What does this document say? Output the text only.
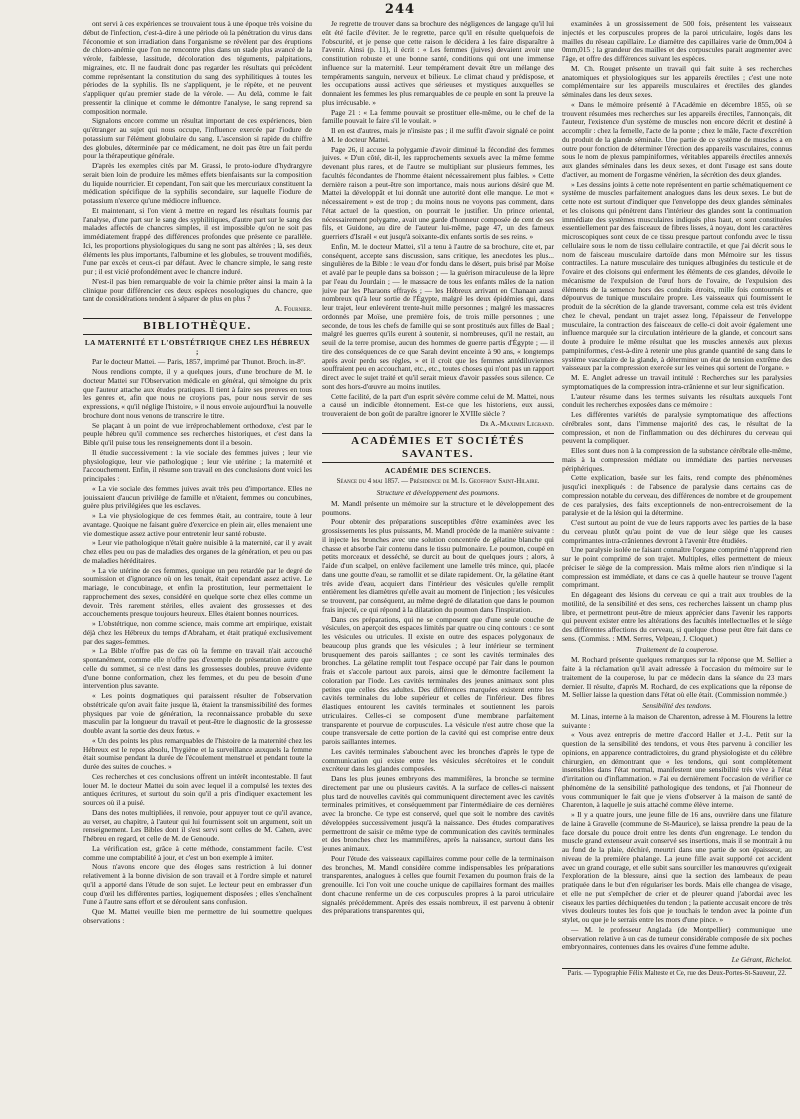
244

ont servi à ces expériences se trouvaient tous à une époque très voisine du début de l'infection, c'est-à-dire à une période où la pénétration du virus dans l'économie et son irradiation dans l'organisme se révèlent par des éruptions de chloro-anémie que l'on ne rencontre plus dans un stade plus avancé de la vérole, faiblesse, lassitude, décoloration des téguments, palpitations, migraines, etc. Il ne faudrait donc pas regarder les résultats qui précèdent comme représentant la constitution du sang des syphilitiques à toutes les périodes de la syphilis. Ils ne s'appliquent, je le répète, et ne peuvent s'appliquer qu'au premier stade de la vérole. — Au delà, comme le fait pressentir la clinique et comme le démontre l'analyse, le sang reprend sa composition normale.

Signalons encore comme un résultat important de ces expériences, bien qu'étranger au sujet qui nous occupe, l'influence exercée par l'iodure de potassium sur l'élément globulaire du sang. L'ascension si rapide du chiffre des globules, déterminée par ce médicament, ne doit pas être un fait perdu pour la thérapeutique générale.

D'après les exemples cités par M. Grassi, le proto-iodure d'hydrargyre serait bien loin de produire les mêmes effets bienfaisants sur la composition du liquide nourricier. Et cependant, l'on sait que les mercuriaux constituent la médication spécifique de la syphilis secondaire, sur laquelle l'iodure de potassium n'exerce qu'une médiocre influence.

Et maintenant, si l'on vient à mettre en regard les résultats fournis par l'analyse, d'une part sur le sang des syphilitiques, d'autre part sur le sang des malades affectés de chancres simples, il est impossible qu'on ne soit pas immédiatement frappé des différences profondes que présente ce parallèle. Ici, les proportions physiologiques du sang ne sont pas altérées ; là, ses deux éléments les plus importants, l'albumine et les globules, se trouvent modifiés, l'une par excès et ceux-ci par défaut. Avec le chancre simple, le sang reste pur ; il est vicié profondément avec le chancre induré.

N'est-il pas bien remarquable de voir la chimie prêter ainsi la main à la clinique pour différencier ces deux espèces nosologiques du chancre, que tant de considérations tendent à séparer de plus en plus ?

A. Fournier.
BIBLIOTHÈQUE.
LA MATERNITÉ ET L'OBSTÉTRIQUE CHEZ LES HÉBREUX ;

Par le docteur Mattei. — Paris, 1857, imprimé par Thunot. Broch. in-8°.

Nous rendions compte, il y a quelques jours, d'une brochure de M. le docteur Mattei sur l'Observation médicale en général, qui témoigne du prix que l'auteur attache aux études pratiques. Il tient à faire ses preuves en tous les genres et, afin que nous ne croyions pas, pour nous servir de ses expressions, « qu'il néglige l'histoire, » il nous envoie aujourd'hui la nouvelle brochure dont nous venons de transcrire le titre.

Se plaçant à un point de vue irréprochablement orthodoxe, c'est par le peuple hébreu qu'il commence ses recherches historiques, et c'est dans la Bible qu'il puise tous les renseignements dont il a besoin.

Il étudie successivement : la vie sociale des femmes juives ; leur vie physiologique, leur vie pathologique ; leur vie utérine ; la maternité et l'accouchement. Enfin, il résume son travail en des conclusions dont voici les principales :

« La vie sociale des femmes juives avait très peu d'importance. Elles ne jouissaient d'aucun privilège de famille et n'étaient, femmes ou concubines, guère plus privilégiées que les esclaves.

» La vie physiologique de ces femmes était, au contraire, toute à leur avantage. Quoique ne faisant guère d'exercice en plein air, elles menaient une vie domestique assez active pour entretenir leur santé robuste.

» Leur vie pathologique n'était guère nuisible à la maternité, car il y avait chez elles peu ou pas de maladies des organes de la génération, et peu ou pas de maladies héréditaires.

» La vie utérine de ces femmes, quoique un peu retardée par le degré de soumission et d'ignorance où on les tenait, était cependant assez active. Le mariage, le concubinage, et enfin la prostitution, leur permettaient le rapprochement des sexes, considéré en quelque sorte chez elles comme un devoir. Très rarement stériles, elles avaient des grossesses et des accouchements presque toujours heureux. Elles étaient bonnes nourrices.

» L'obstétrique, non comme science, mais comme art empirique, existait déjà chez les Hébreux du temps d'Abraham, et était pratiqué exclusivement par des sages-femmes.

» La Bible n'offre pas de cas où la femme en travail n'ait accouché spontanément, comme elle n'offre pas d'exemple de présentation autre que celle du sommet, si ce n'est dans les grossesses doubles, preuve évidente d'une bonne conformation, chez les femmes, et du peu de besoin d'une intervention plus savante.

« Les points dogmatiques qui paraissent résulter de l'observation obstétricale qu'on avait faite jusque là, étaient la transmissibilité des formes physiques par voie de génération, la reconnaissance probable du sexe masculin par la longueur du travail et peut-être le diagnostic de la grossesse double avant la sortie des deux fœtus. »

« Un des points les plus remarquables de l'histoire de la maternité chez les Hébreux est le repos absolu, l'hygiène et la surveillance auxquels la femme était soumise pendant la durée de l'écoulement menstruel et pendant toute la durée des suites de couches. »

Ces recherches et ces conclusions offrent un intérêt incontestable. Il faut louer M. le docteur Mattei du soin avec lequel il a compulsé les textes des antiques écritures, et surtout du soin qu'il a pris d'indiquer exactement les sources où il a puisé.

Dans des notes multipliées, il renvoie, pour appuyer tout ce qu'il avance, au verset, au chapitre, à l'auteur qui lui fournissent soit un argument, soit un renseignement. Les Bibles dont il s'est servi sont celles de M. Cahen, avec l'hébreu en regard, et celle de M. de Genoude.

La vérification est, grâce à cette méthode, constamment facile. C'est comme une comptabilité à jour, et c'est un bon exemple à imiter.

Nous n'avons encore que des éloges sans restriction à lui donner relativement à la bonne division de son travail et à l'ordre simple et naturel qu'il a apporté dans l'étude de son sujet. Le lecteur peut en embrasser d'un coup d'œil les différentes parties, logiquement disposées ; elles s'enchaînent l'une à l'autre sans effort et se déroulent sans confusion.

Que M. Mattei veuille bien me permettre de lui soumettre quelques observations :

Je regrette de trouver dans sa brochure des négligences de langage qu'il lui eût été facile d'éviter. Je le regrette, parce qu'il en résulte quelquefois de l'obscurité, et je pense que cette raison le décidera à les faire disparaître à l'avenir. Ainsi (p. 11), il écrit : « Les femmes (juives) devaient avoir une constitution robuste et une bonne santé, conditions qui ont une immense influence sur la maternité. Leur tempérament devait être un mélange des tempéraments sanguin, nerveux et bilieux. Le climat chaud y prédispose, et les occupations aussi actives que sérieuses et mystiques auxquelles se donnaient les femmes les plus remarquables de ce peuple en sont la preuve la plus irrécusable. »

Page 21 : « La femme pouvait se prostituer elle-même, ou le chef de la famille pouvait le faire s'il le voulait. »

Il en est d'autres, mais je n'insiste pas ; il me suffit d'avoir signalé ce point à M. le docteur Mattei.

Page 26, il accuse la polygamie d'avoir diminué la fécondité des femmes juives. « D'un côté, dit-il, les rapprochements sexuels avec la même femme devenant plus rares, et de l'autre se multipliant sur plusieurs femmes, les facultés fécondantes de l'homme étaient nécessairement plus faibles. » Cette dernière raison a peut-être son importance, mais nous aurions désiré que M. Mattei la développât et lui donnât une autorité dont elle manque. Le mot « nécessairement » est de trop ; du moins nous ne voyons pas comment, dans l'état actuel de la question, on pourrait le justifier. Un prince oriental, nécessairement polygame, avait une garde d'honneur composée de cent de ses fils, et Guidone, au dire de l'auteur lui-même, page 47, un des fameux guerriers d'Israël « eut jusqu'à soixante-dix enfants sortis de ses reins. »

Enfin, M. le docteur Mattei, s'il a tenu à l'autre de sa brochure, cite et, par conséquent, accepte sans discussion, sans critique, les anecdotes les plus... singulières de la Bible : le veau d'or fondu dans le désert, puis brisé par Moïse et avalé par le peuple dans sa boisson ; — la guérison miraculeuse de la lèpre par l'eau du Jourdain ; — le massacre de tous les enfants mâles de la nation juive par les Pharaons effrayés ; — les Hébreux arrivant en Chanaan aussi nombreux qu'à leur sortie de l'Égypte, malgré les deux épidémies qui, dans leur trajet, leur enlevèrent trente-huit mille personnes ; malgré les massacres ordonnés par Moïse, une première fois, de trois mille personnes ; une seconde, de tous les chefs de famille qui se sont prostitués aux filles de Baal ; malgré les guerres qu'ils eurent à soutenir, si nombreuses, qu'il ne restait, au seuil de la terre promise, aucun des hommes de guerre partis d'Égypte ; — il tire des conséquences de ce que Sarah devint enceinte à 90 ans, « longtemps après avoir perdu ses règles, » et il croit que les femmes antédiluviennes souffraient peu en accouchant, etc., etc., toutes choses qui n'ont pas un rapport direct avec le sujet traité et qu'il serait mieux d'avoir passées sous silence. Ce sont des hors-d'œuvre au moins inutiles.

Cette facilité, de la part d'un esprit sévère comme celui de M. Mattei, nous a causé un indicible étonnement. Est-ce que les historiens, eux aussi, trouveraient de bon goût de paraître ignorer le XVIIIe siècle ?

Dr A.-Maximin Legrand.
ACADÉMIES ET SOCIÉTÉS SAVANTES.
ACADÉMIE DES SCIENCES.
Séance du 4 mai 1857. — Présidence de M. Is. Geoffroy Saint-Hilaire.
Structure et développement des poumons.

M. Mandl présente un mémoire sur la structure et le développement des poumons.

Pour obtenir des préparations susceptibles d'être examinées avec les grossissements les plus puissants, M. Mandl procède de la manière suivante : il injecte les bronches avec une solution concentrée de gélatine blanche qui chasse et absorbe l'air contenu dans le tissu pulmonaire. Le poumon, coupé en petits morceaux et desséché, se durcit au bout de quelques jours ; alors, à l'aide d'un scalpel, on enlève facilement une lamelle très mince, qui, placée dans une goutte d'eau, se ramollit et se dilate rapidement. Or, la gélatine étant très avide d'eau, acquiert dans l'intérieur des vésicules qu'elle remplit entièrement les diamètres qu'elle avait au moment de l'injection ; les vésicules se trouvent, par conséquent, au même degré de dilatation que dans le poumon frais injecté, ce qui répond à la dilatation du poumon dans l'inspiration.

Dans ces préparations, qui ne se composent que d'une seule couche de vésicules, on aperçoit des espaces limités par quatre ou cinq contours : ce sont les vésicules ou utricules. Il existe en outre des espaces polygonaux de beaucoup plus grands que les vésicules ; à leur intérieur se terminent brusquement des parois saillantes ; ce sont les cavités terminales des bronches. La gélatine remplit tout l'espace occupé par l'air dans le poumon frais et s'accole partout aux parois, ainsi que le démontre facilement la coloration par l'iode. Les cavités terminales des jeunes animaux sont plus petites que celles des adultes. Des différences marquées existent entre les cavités terminales du lobe supérieur et celles de l'inférieur. Des fibres élastiques entourent les cavités terminales et soutiennent les parois utriculaires. Celles-ci se composent d'une membrane parfaitement transparente et pourvue de corpuscules. La vésicule n'est autre chose que la coupe transversale de cette portion de la cavité qui est comprise entre deux parois saillantes internes.

Les cavités terminales s'abouchent avec les bronches d'après le type de communication qui existe entre les vésicules sécrétoires et le conduit excréteur dans les glandes composées.

Dans les plus jeunes embryons des mammifères, la bronche se termine directement par une ou plusieurs cavités. A la surface de celles-ci naissent plus tard de nouvelles cavités qui communiquent directement avec les cavités terminales primitives, et conséquemment par l'intermédiaire de ces dernières avec la bronche. Ce type est conservé, quel que soit le nombre des cavités développées successivement jusqu'à la naissance. Des études comparatives permettront de saisir ce même type de communication des cavités terminales et des bronches chez les mammifères, après la naissance, surtout dans les jeunes animaux.

Pour l'étude des vaisseaux capillaires comme pour celle de la terminaison des bronches, M. Mandl considère comme indispensables les préparations transparentes, analogues à celles que fournit l'examen du poumon frais de la grenouille. Ici l'on voit une couche unique de capillaires formant des mailles dont chacune renferme un de ces corpuscules propres à la paroi utriculaire signalés précédemment. Après des essais nombreux, il est parvenu à obtenir des préparations transparentes qui,

examinées à un grossissement de 500 fois, présentent les vaisseaux injectés et les corpuscules propres de la paroi utriculaire, logés dans les mailles du réseau capillaire. Le diamètre des capillaires varie de 0mm,004 à 0mm,015 ; la grandeur des mailles et des corpuscules parait augmenter avec l'âge, et offre des différences suivant les espèces.

M. Ch. Rouget présente un travail qui fait suite à ses recherches anatomiques et physiologiques sur les appareils érectiles ; c'est une note complémentaire sur les appareils musculaires et érectiles des glandes séminales dans les deux sexes.

« Dans le mémoire présenté à l'Académie en décembre 1855, où se trouvent résumées mes recherches sur les appareils érectiles, l'annonçais, dit l'auteur, l'existence d'un système de muscles non encore décrit et destiné à accomplir : chez la femelle, l'acte de la ponte ; chez le mâle, l'acte d'excrétion du produit de la glande séminale. Une partie de ce système de muscles a en outre pour fonction de déterminer l'érection des appareils vasculaires, connus sous le nom de plexus pampiniformes, véritables appareils érectiles annexés aux glandes séminales dans les deux sexes, et dont l'usage est sans doute d'activer, au moment de l'orgasme vénérien, la sécrétion des deux glandes.

» Les dessins joints à cette note représentent en partie schématiquement ce système de muscles parfaitement analogues dans les deux sexes. Le but de cette note est surtout d'indiquer que l'enveloppe des deux glandes séminales et les cloisons qui pénètrent dans l'intérieur des glandes sont la continuation immédiate des systèmes musculaires indiqués plus haut, et sont constituées essentiellement par des faisceaux de fibres lisses, à noyau, dont les caractères microscopiques sont ceux de ce tissu presque partout confondu avec le tissu cellulaire sous le nom de tissu cellulaire contractile, et que j'ai décrit sous le nom de faisceau musculaire dartoïde dans mon Mémoire sur les tissus contractiles. La nature musculaire des tuniques albuginées du testicule et de l'ovaire et des cloisons qui enferment les éléments de ces glandes, dévoile le mécanisme de l'expulsion de l'œuf hors de l'ovaire, de l'expulsion des éléments de la semence hors des conduits étroits, mille fois contournés et dépourvus de tunique musculaire propre. Les vaisseaux qui fournissent le produit de la sécrétion de la glande traversant, comme cela est très évident chez le cheval, pendant un trajet assez long, l'épaisseur de l'enveloppe musculaire, la contraction des faisceaux de celle-ci doit avoir également une influence marquée sur la circulation intérieure de la glande, et concourt sans doute à produire le même résultat que les muscles annexés aux plexus pampiniformes, c'est-à-dire à retenir une plus grande quantité de sang dans le système vasculaire de la glande, à déterminer un état de tension extrême des vaisseaux par la compression exercée sur les veines qui sortent de l'organe. »

M. E. Anglet adresse un travail intitulé : Recherches sur les paralysies symptomatiques de la compression intra-crânienne et sur leur signification.

L'auteur résume dans les termes suivants les résultats auxquels l'ont conduit les recherches exposées dans ce mémoire :

Les différentes variétés de paralysie symptomatique des affections cérébrales sont, dans l'immense majorité des cas, le résultat de la compression, et non de l'inflammation ou des déchirures du cerveau qui peuvent la compliquer.

Elles sont dues non à la compression de la substance cérébrale elle-même, mais à la compression médiate ou immédiate des parties nerveuses périphériques.

Cette explication, basée sur les faits, rend compte des phénomènes jusqu'ici inexpliqués : de l'absence de paralysie dans certains cas de compression notable du cerveau, des différences de nombre et de groupement de ces paralysies, des faits exceptionnels de non-entrecroisement de la paralysie et de la lésion qui la détermine.

C'est surtout au point de vue de leurs rapports avec les parties de la base du cerveau plutôt qu'au point de vue de leur siège que les causes comprimantes intra-crâniennes devront à l'avenir être étudiées.

Une paralysie isolée ne faisant connaître l'organe comprimé n'apprend rien sur le point comprimé de son trajet. Multiples, elles permettent de mieux préciser le siège de la compression. Mais même alors rien n'indique si la compression est immédiate, et dans ce cas à quelle hauteur se trouve l'agent comprimant.

En dégageant des lésions du cerveau ce qui a trait aux troubles de la motilité, de la sensibilité et des sens, ces recherches laissent un champ plus libre, et permettront peut-être de mieux apprécier dans l'avenir les rapports qui peuvent exister entre les altérations des facultés intellectuelles et le siège des différentes affections du cerveau, si quelque chose peut être fait dans ce sens. (Commiss. : MM. Serres, Velpeau, J. Cloquet.)

Traitement de la couperose.

M. Rochard présente quelques remarques sur la réponse que M. Sellier a faite à la réclamation qu'il avait adressée à l'occasion du mémoire sur le traitement de la couperose, lu par ce médecin dans la séance du 23 mars dernier. Il résulte, d'après M. Rochard, de ces explications que la réponse de M. Sellier laisse la question dans l'état où elle était. (Commission nommée.)

Sensibilité des tendons.

M. Linas, interne à la maison de Charenton, adresse à M. Flourens la lettre suivante :

« Vous avez entrepris de mettre d'accord Haller et J.-L. Petit sur la question de la sensibilité des tendons, et vous êtes parvenu à concilier les opinions, en apparence contradictoires, du grand physiologiste et du célèbre chirurgien, en démontrant que « les tendons, qui sont complètement insensibles dans l'état normal, manifestent une sensibilité très vive à l'état d'irritation ou d'inflammation. » J'ai eu dernièrement l'occasion de vérifier ce phénomène de la sensibilité pathologique des tendons, et j'ai l'honneur de vous communiquer le fait que je viens d'observer à la maison de santé de Charenton, à laquelle je suis attaché comme élève interne.

» Il y a quatre jours, une jeune fille de 16 ans, ouvrière dans une filature de laine à Gravelle (commune de St-Maurice), se laissa prendre la peau de la face dorsale du pouce droit entre les dents d'un engrenage. Le tendon du muscle grand extenseur avait conservé ses insertions, mais il se montrait à nu au fond de la plaie, déchiré, meurtri dans une partie de son épaisseur, au niveau de la première phalange. La jeune fille avait supporté cet accident avec un grand courage, et elle subit sans sourciller les manœuvres qu'exigeait l'exploration de la blessure, ainsi que la section des lambeaux de peau pratiquée dans le but d'en régulariser les bords. Mais elle changea de visage, et elle ne put s'empêcher de crier et de pleurer quand j'abordai avec les ciseaux les parties déchiquetées du tendon ; la patiente accusait encore de très vives douleurs toutes les fois que je touchais le tendon avec la pointe d'un stylet, ou que je le serrais entre les mors d'une pince. »

— M. le professeur Anglada (de Montpellier) communique une observation relative à un cas de tumeur considérable composée de six poches embryonnaires, contenues dans les ovaires d'une femme adulte.

Le Gérant, Richelot.
Paris. — Typographie Félix Malteste et Ce, rue des Deux-Portes-St-Sauveur, 22.
